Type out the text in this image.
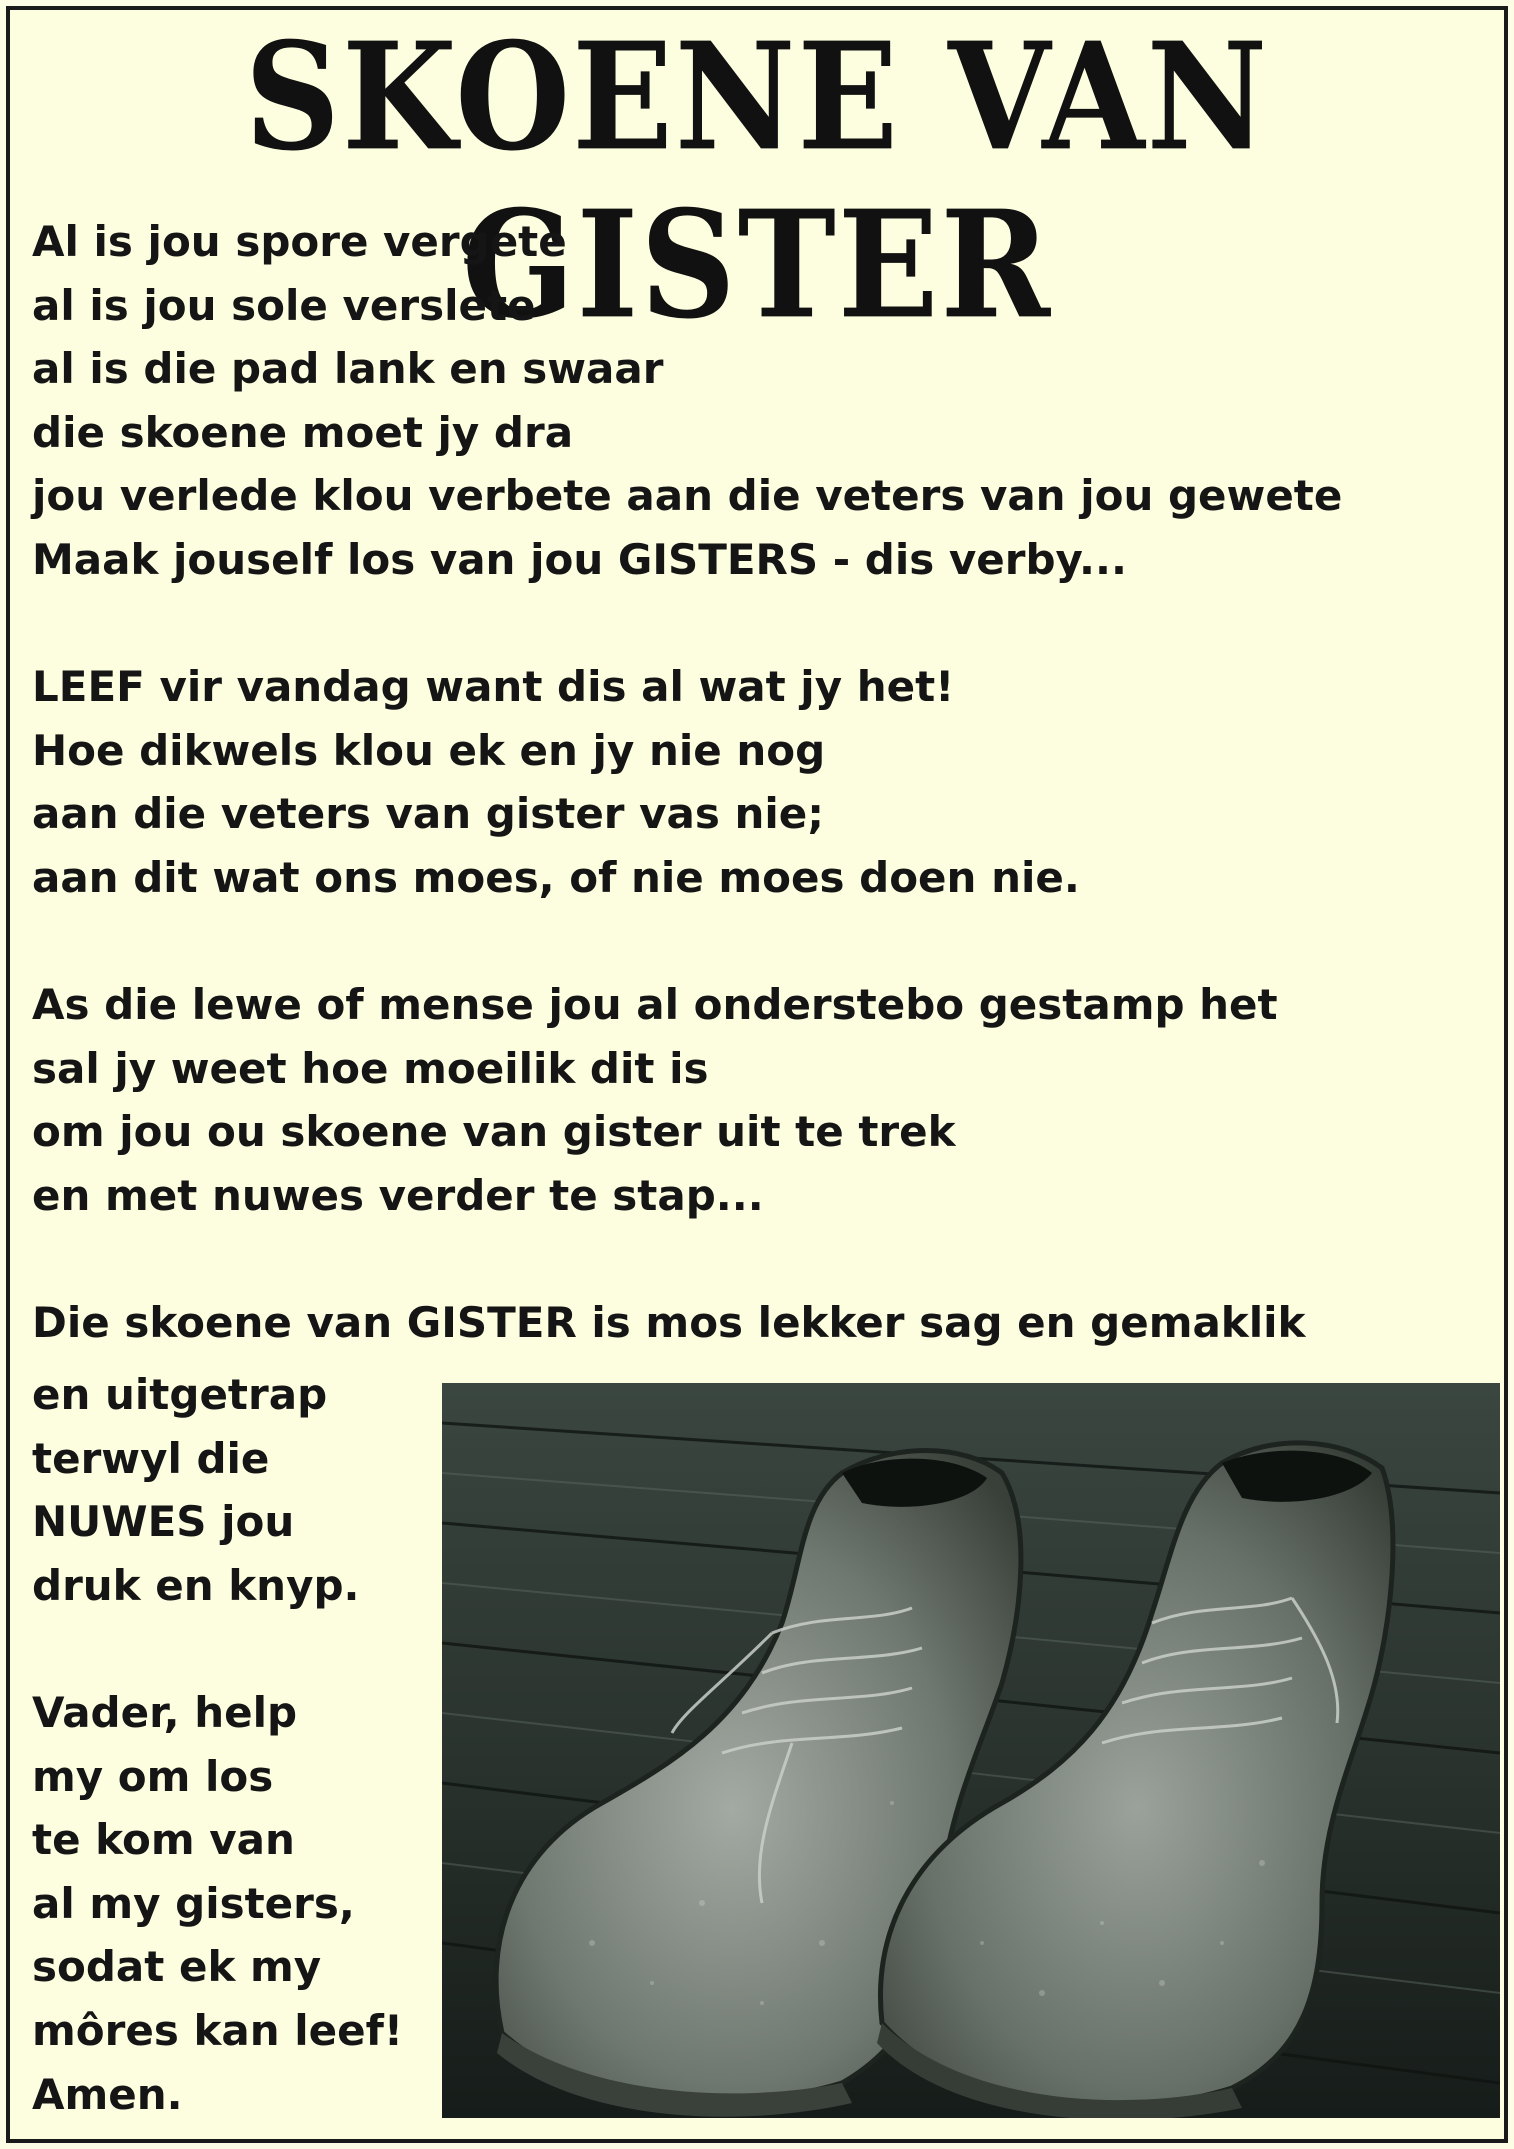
SKOENE VAN GISTER
Al is jou spore vergete
al is jou sole verslete
al is die pad lank en swaar
die skoene moet jy dra
jou verlede klou verbete aan die veters van jou gewete
Maak jouself los van jou GISTERS - dis verby...
LEEF vir vandag want dis al wat jy het!
Hoe dikwels klou ek en jy nie nog
aan die veters van gister vas nie;
aan dit wat ons moes, of nie moes doen nie.
As die lewe of mense jou al onderstebo gestamp het
sal jy weet hoe moeilik dit is
om jou ou skoene van gister uit te trek
en met nuwes verder te stap...
Die skoene van GISTER is mos lekker sag en gemaklik
en uitgetrap
terwyl die
NUWES jou
druk en knyp.
Vader, help
my om los
te kom van
al my gisters,
sodat ek my
môres kan leef!
Amen.
